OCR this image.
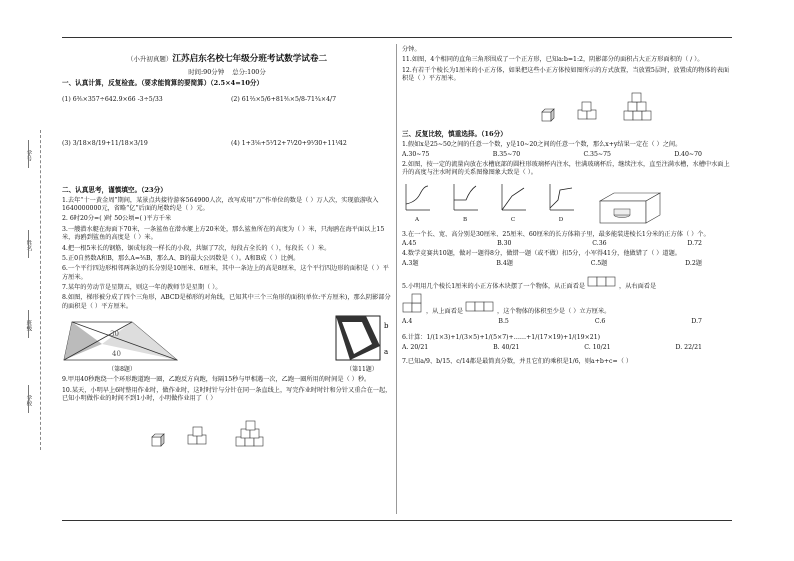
（小升初真题）江苏启东名校七年级分班考试数学试卷二
时间:90分钟 总分:100分
一、认真计算，反复检查。（要求能简算的要简算）（2.5×4=10分）
(1) 6⅗×357÷642.9×66 -3÷5/33	(2) 61⅔×5/6+81⅗×5/8-71¾×4/7
(3) 3/18×8/19+11/18×3/19	(4) 1+3⅙+5⅟12+7⅟20+9⅟30+11⅟42
二、认真思考，谨慎填空。（23分）

1.去年“十一黄金周”期间，某景点共接待游客564900人次，改写成用“万”作单位的数是（ ）万人次，实现旅游收入1640000000元，省略“亿”后面的尾数约是（ ）元。

2. 6时20分=( )时 50公顷=( )平方千米

3.一艘潜水艇在海面下70米，一条鲨鱼在潜水艇上方20米处，那么鲨鱼所在的高度为（ ）米，只海鸥在海平面以上15米，海鸥到鲨鱼的高度是（ ）米。

4.把一根5米长的钢筋，锯成每段一样长的小段，共锯了7次，每段占全长的（ ），每段长（ ）米。

5.正0自然数A和B，那么A=⅗B，那么A、B的最大公因数是（ ）。A和B成（ ）比例。

6.一个平行四边形相邻两条边的长分别是10厘米、6厘米，其中一条边上的高是8厘米，这个平行四边形的面积是（ ）平方厘米。

7.某年的劳动节是星期五，则这一年的教师节是星期（ ）。

8.如图，梯形被分成了四个三角形，ABCD是梯形的对角线，已知其中三个三角形的面积(单位:平方厘米)，那么阴影部分的面积是（ ）平方厘米。

30
40
（第8题）
b
a
（第11题）

9.甲用40秒跑绕一个环形跑道跑一圈，乙跑反方向跑，每隔15秒与甲相遇一次，乙跑一圈所用的时间是（ ）秒。

10.某天，小明早上6时整用作业时，做作业时，这时时针与分针在同一条直线上，写完作业时时针和分针又重合在一起，已知小明做作业的时间不到1小时，小明做作业用了（ ）

分钟。

11.如图，4个相同的直角三角形围成了一个正方形，已知a:b=1:2，阴影部分的面积占大正方形面积的（ ∕ ）。

12.有若干个棱长为1厘米的小正方体，如果把这些小正方体按如图所示的方式放置，当放置5层时，放置成的物体的表面积是（ ）平方厘米。

三、反复比较，慎重选择。（16分）

1.假如x是25~50之间的任意一个数，y是10~20之间的任意一个数，那么x+y结果一定在（ ）之间。

A.30~75	B.35~70	C.35~75	D.40~70

2.如图，按一定的流量向放在水槽底部的圆柱形玻璃杯内注水，往满玻璃杯后，继续注水，直至注满水槽，水槽中水面上升的高度与注水时间的关系图像图象大致是（ ）。

A	B	C	D

3.在一个长、宽、高分别是30厘米、25厘米、60厘米的长方体箱子里，最多能装进棱长1分米的正方体（ ）个。

A.45	B.30	C.36	D.72

4.数学竞赛共10题，做对一题得8分，做错一题（或不做）扣5分，小军得41分，他做错了（ ）道题。

A.3题	B.4题	C.5题	D.2题

5.小明用几个棱长1厘米的小正方体木块摆了一个物体，从正面看是	，从右面看是

，从上面看是	，这个物体的体积至少是（ ）立方厘米。

A.4	B.5	C.6	D.7

6.计算：1/(1×3)+1/(3×5)+1/(5×7)+……+1/(17×19)+1/(19×21)

A. 20/21	B. 40/21	C. 10/21	D. 22/21

7.已知a/9、b/15、c/14都是最简真分数，并且它们的乘积是1/6，则a+b+c=（ ）
